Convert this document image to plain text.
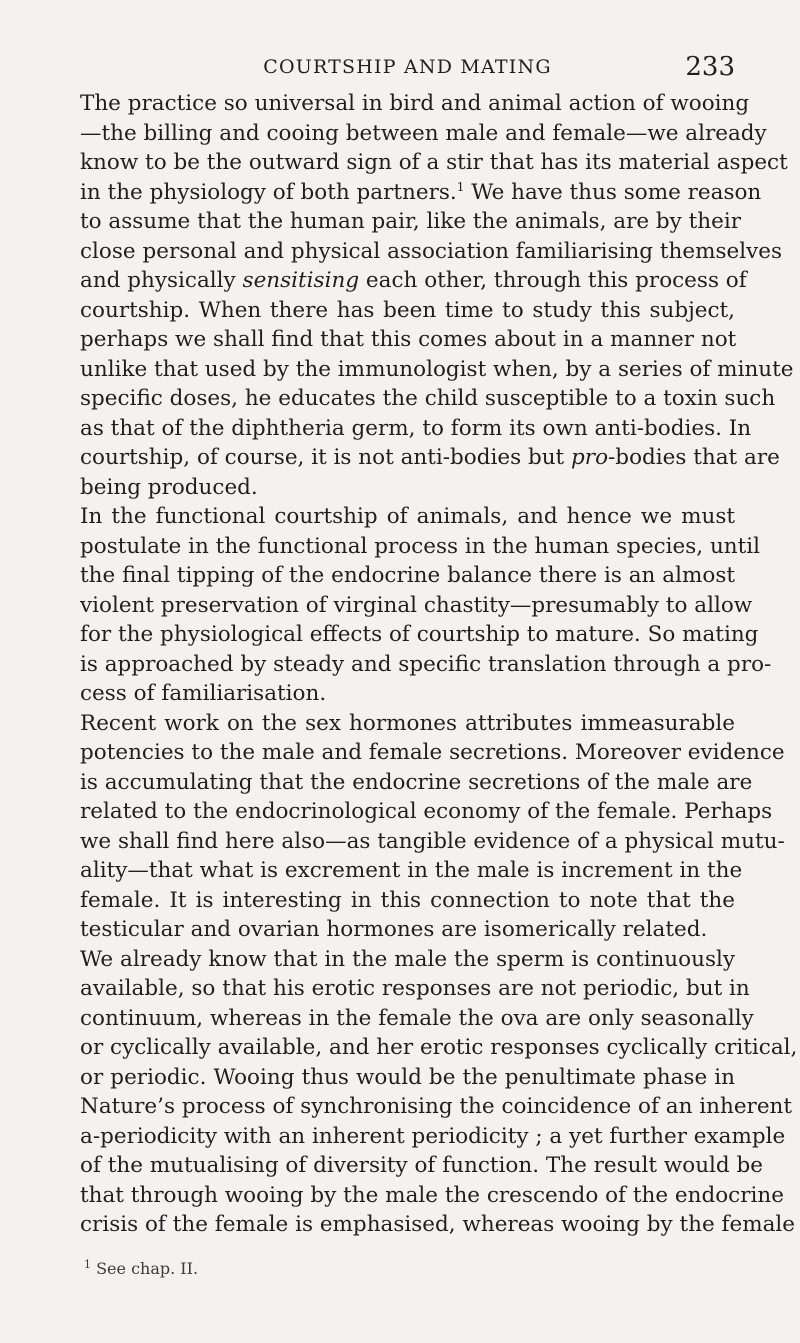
COURTSHIP AND MATING	233
The practice so universal in bird and animal action of wooing
—the billing and cooing between male and female—we already
know to be the outward sign of a stir that has its material aspect
in the physiology of both partners.$^1$ We have thus some reason
to assume that the human pair, like the animals, are by their
close personal and physical association familiarising themselves
and physically sensitising each other, through this process of
courtship. When there has been time to study this subject,
perhaps we shall find that this comes about in a manner not
unlike that used by the immunologist when, by a series of minute
specific doses, he educates the child susceptible to a toxin such
as that of the diphtheria germ, to form its own anti-bodies. In
courtship, of course, it is not anti-bodies but pro-bodies that are
being produced.
In the functional courtship of animals, and hence we must
postulate in the functional process in the human species, until
the final tipping of the endocrine balance there is an almost
violent preservation of virginal chastity—presumably to allow
for the physiological effects of courtship to mature. So mating
is approached by steady and specific translation through a pro-
cess of familiarisation.
Recent work on the sex hormones attributes immeasurable
potencies to the male and female secretions. Moreover evidence
is accumulating that the endocrine secretions of the male are
related to the endocrinological economy of the female. Perhaps
we shall find here also—as tangible evidence of a physical mutu-
ality—that what is excrement in the male is increment in the
female. It is interesting in this connection to note that the
testicular and ovarian hormones are isomerically related.
We already know that in the male the sperm is continuously
available, so that his erotic responses are not periodic, but in
continuum, whereas in the female the ova are only seasonally
or cyclically available, and her erotic responses cyclically critical,
or periodic. Wooing thus would be the penultimate phase in
Nature’s process of synchronising the coincidence of an inherent
a-periodicity with an inherent periodicity ; a yet further example
of the mutualising of diversity of function. The result would be
that through wooing by the male the crescendo of the endocrine
crisis of the female is emphasised, whereas wooing by the female
$^1$ See chap. II.
